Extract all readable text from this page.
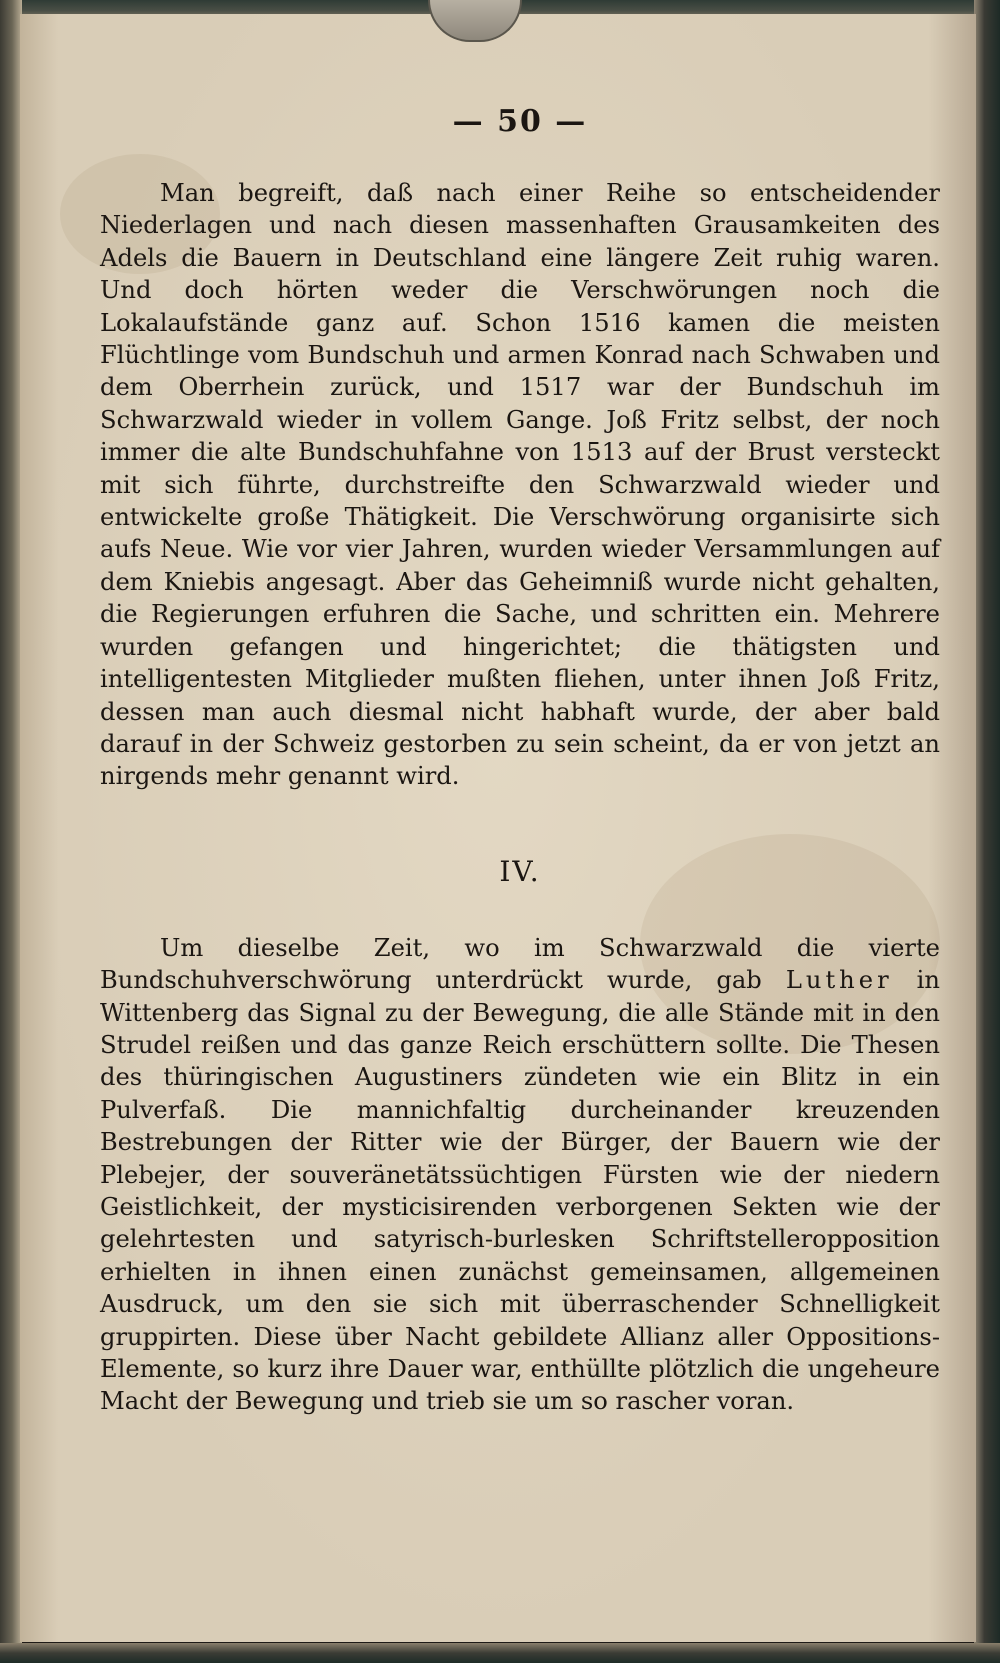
— 50 —

Man begreift, daß nach einer Reihe so entscheidender Niederlagen und nach diesen massenhaften Grausamkeiten des Adels die Bauern in Deutschland eine längere Zeit ruhig waren. Und doch hörten weder die Verschwörungen noch die Lokalaufstände ganz auf. Schon 1516 kamen die meisten Flüchtlinge vom Bundschuh und armen Konrad nach Schwaben und dem Oberrhein zurück, und 1517 war der Bundschuh im Schwarzwald wieder in vollem Gange. Joß Fritz selbst, der noch immer die alte Bundschuhfahne von 1513 auf der Brust versteckt mit sich führte, durchstreifte den Schwarzwald wieder und entwickelte große Thätigkeit. Die Verschwörung organisirte sich aufs Neue. Wie vor vier Jahren, wurden wieder Versammlungen auf dem Kniebis angesagt. Aber das Geheimniß wurde nicht gehalten, die Regierungen erfuhren die Sache, und schritten ein. Mehrere wurden gefangen und hingerichtet; die thätigsten und intelligentesten Mitglieder mußten fliehen, unter ihnen Joß Fritz, dessen man auch diesmal nicht habhaft wurde, der aber bald darauf in der Schweiz gestorben zu sein scheint, da er von jetzt an nirgends mehr genannt wird.

IV.

Um dieselbe Zeit, wo im Schwarzwald die vierte Bundschuhverschwörung unterdrückt wurde, gab Luther in Wittenberg das Signal zu der Bewegung, die alle Stände mit in den Strudel reißen und das ganze Reich erschüttern sollte. Die Thesen des thüringischen Augustiners zündeten wie ein Blitz in ein Pulverfaß. Die mannichfaltig durcheinander kreuzenden Bestrebungen der Ritter wie der Bürger, der Bauern wie der Plebejer, der souveränetätssüchtigen Fürsten wie der niedern Geistlichkeit, der mysticisirenden verborgenen Sekten wie der gelehrtesten und satyrisch-burlesken Schriftstelleropposition erhielten in ihnen einen zunächst gemeinsamen, allgemeinen Ausdruck, um den sie sich mit überraschender Schnelligkeit gruppirten. Diese über Nacht gebildete Allianz aller Oppositions-Elemente, so kurz ihre Dauer war, enthüllte plötzlich die ungeheure Macht der Bewegung und trieb sie um so rascher voran.
